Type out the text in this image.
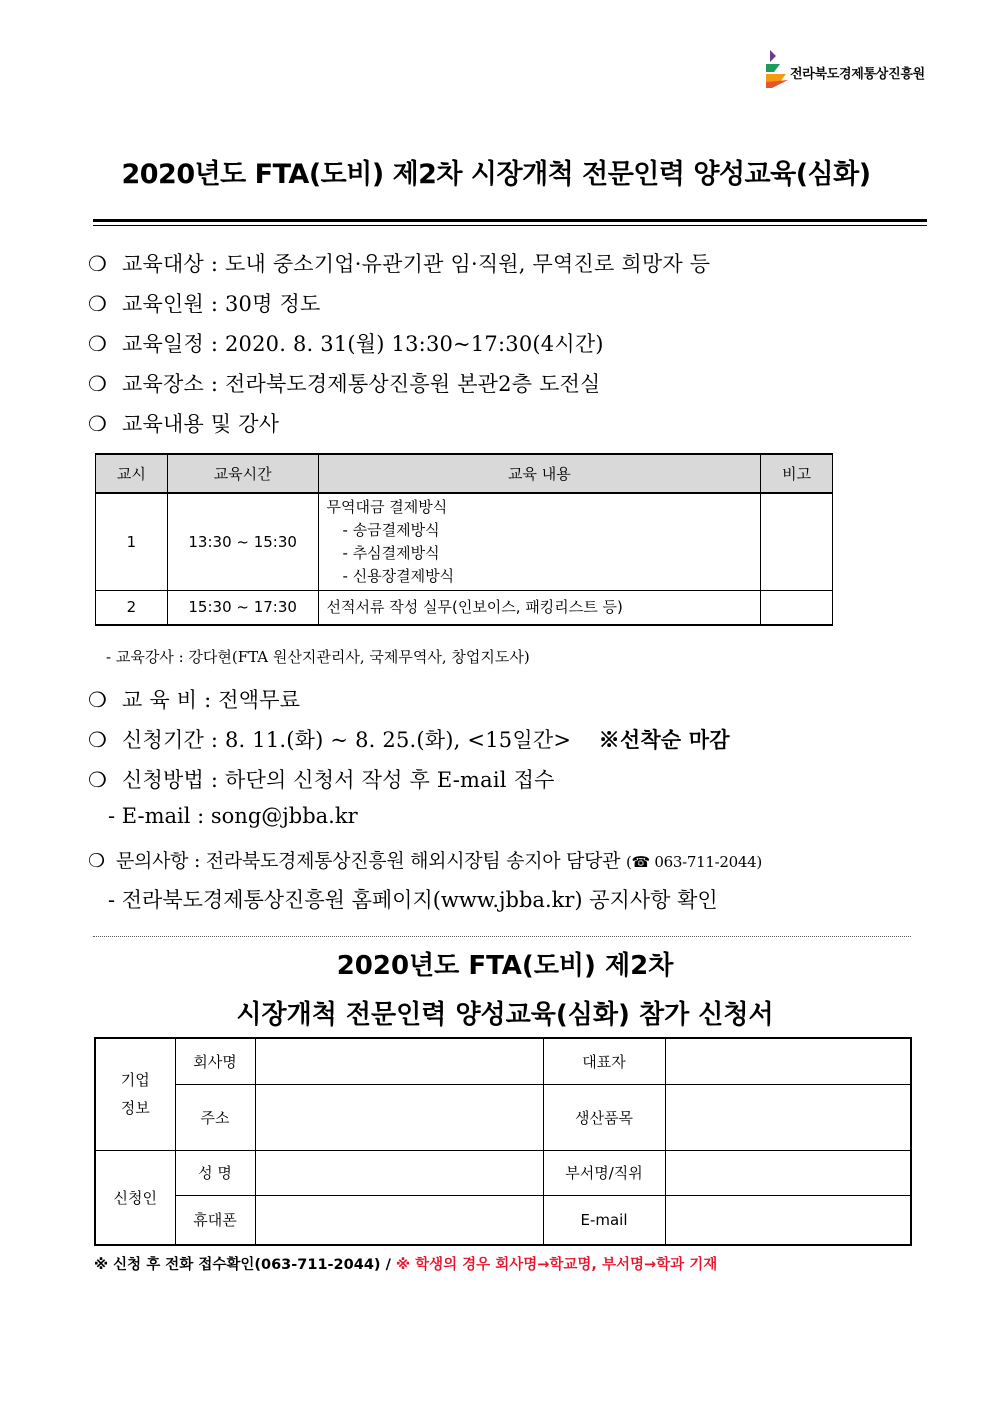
전라북도경제통상진흥원
2020년도 FTA(도비) 제2차 시장개척 전문인력 양성교육(심화)
❍ 교육대상 : 도내 중소기업·유관기관 임·직원, 무역진로 희망자 등
❍ 교육인원 : 30명 정도
❍ 교육일정 : 2020. 8. 31(월) 13:30~17:30(4시간)
❍ 교육장소 : 전라북도경제통상진흥원 본관2층 도전실
❍ 교육내용 및 강사
교시	교육시간	교육 내용	비고
1	13:30 ~ 15:30	무역대금 결제방식
- 송금결제방식
- 추심결제방식
- 신용장결제방식	

2	15:30 ~ 17:30	선적서류 작성 실무(인보이스, 패킹리스트 등)	

- 교육강사 : 강다현(FTA 원산지관리사, 국제무역사, 창업지도사)
❍ 교 육 비 : 전액무료
❍ 신청기간 : 8. 11.(화) ~ 8. 25.(화), <15일간> ※선착순 마감
❍ 신청방법 : 하단의 신청서 작성 후 E-mail 접수
- E-mail : song@jbba.kr
❍ 문의사항 : 전라북도경제통상진흥원 해외시장팀 송지아 담당관 (☎ 063-711-2044)
- 전라북도경제통상진흥원 홈페이지(www.jbba.kr) 공지사항 확인
2020년도 FTA(도비) 제2차
시장개척 전문인력 양성교육(심화) 참가 신청서
기업
정보	회사명		대표자	
	주소		생산품목	
신청인	성 명		부서명/직위	
	휴대폰		E-mail	
※ 신청 후 전화 접수확인(063-711-2044) / ※ 학생의 경우 회사명→학교명, 부서명→학과 기재
